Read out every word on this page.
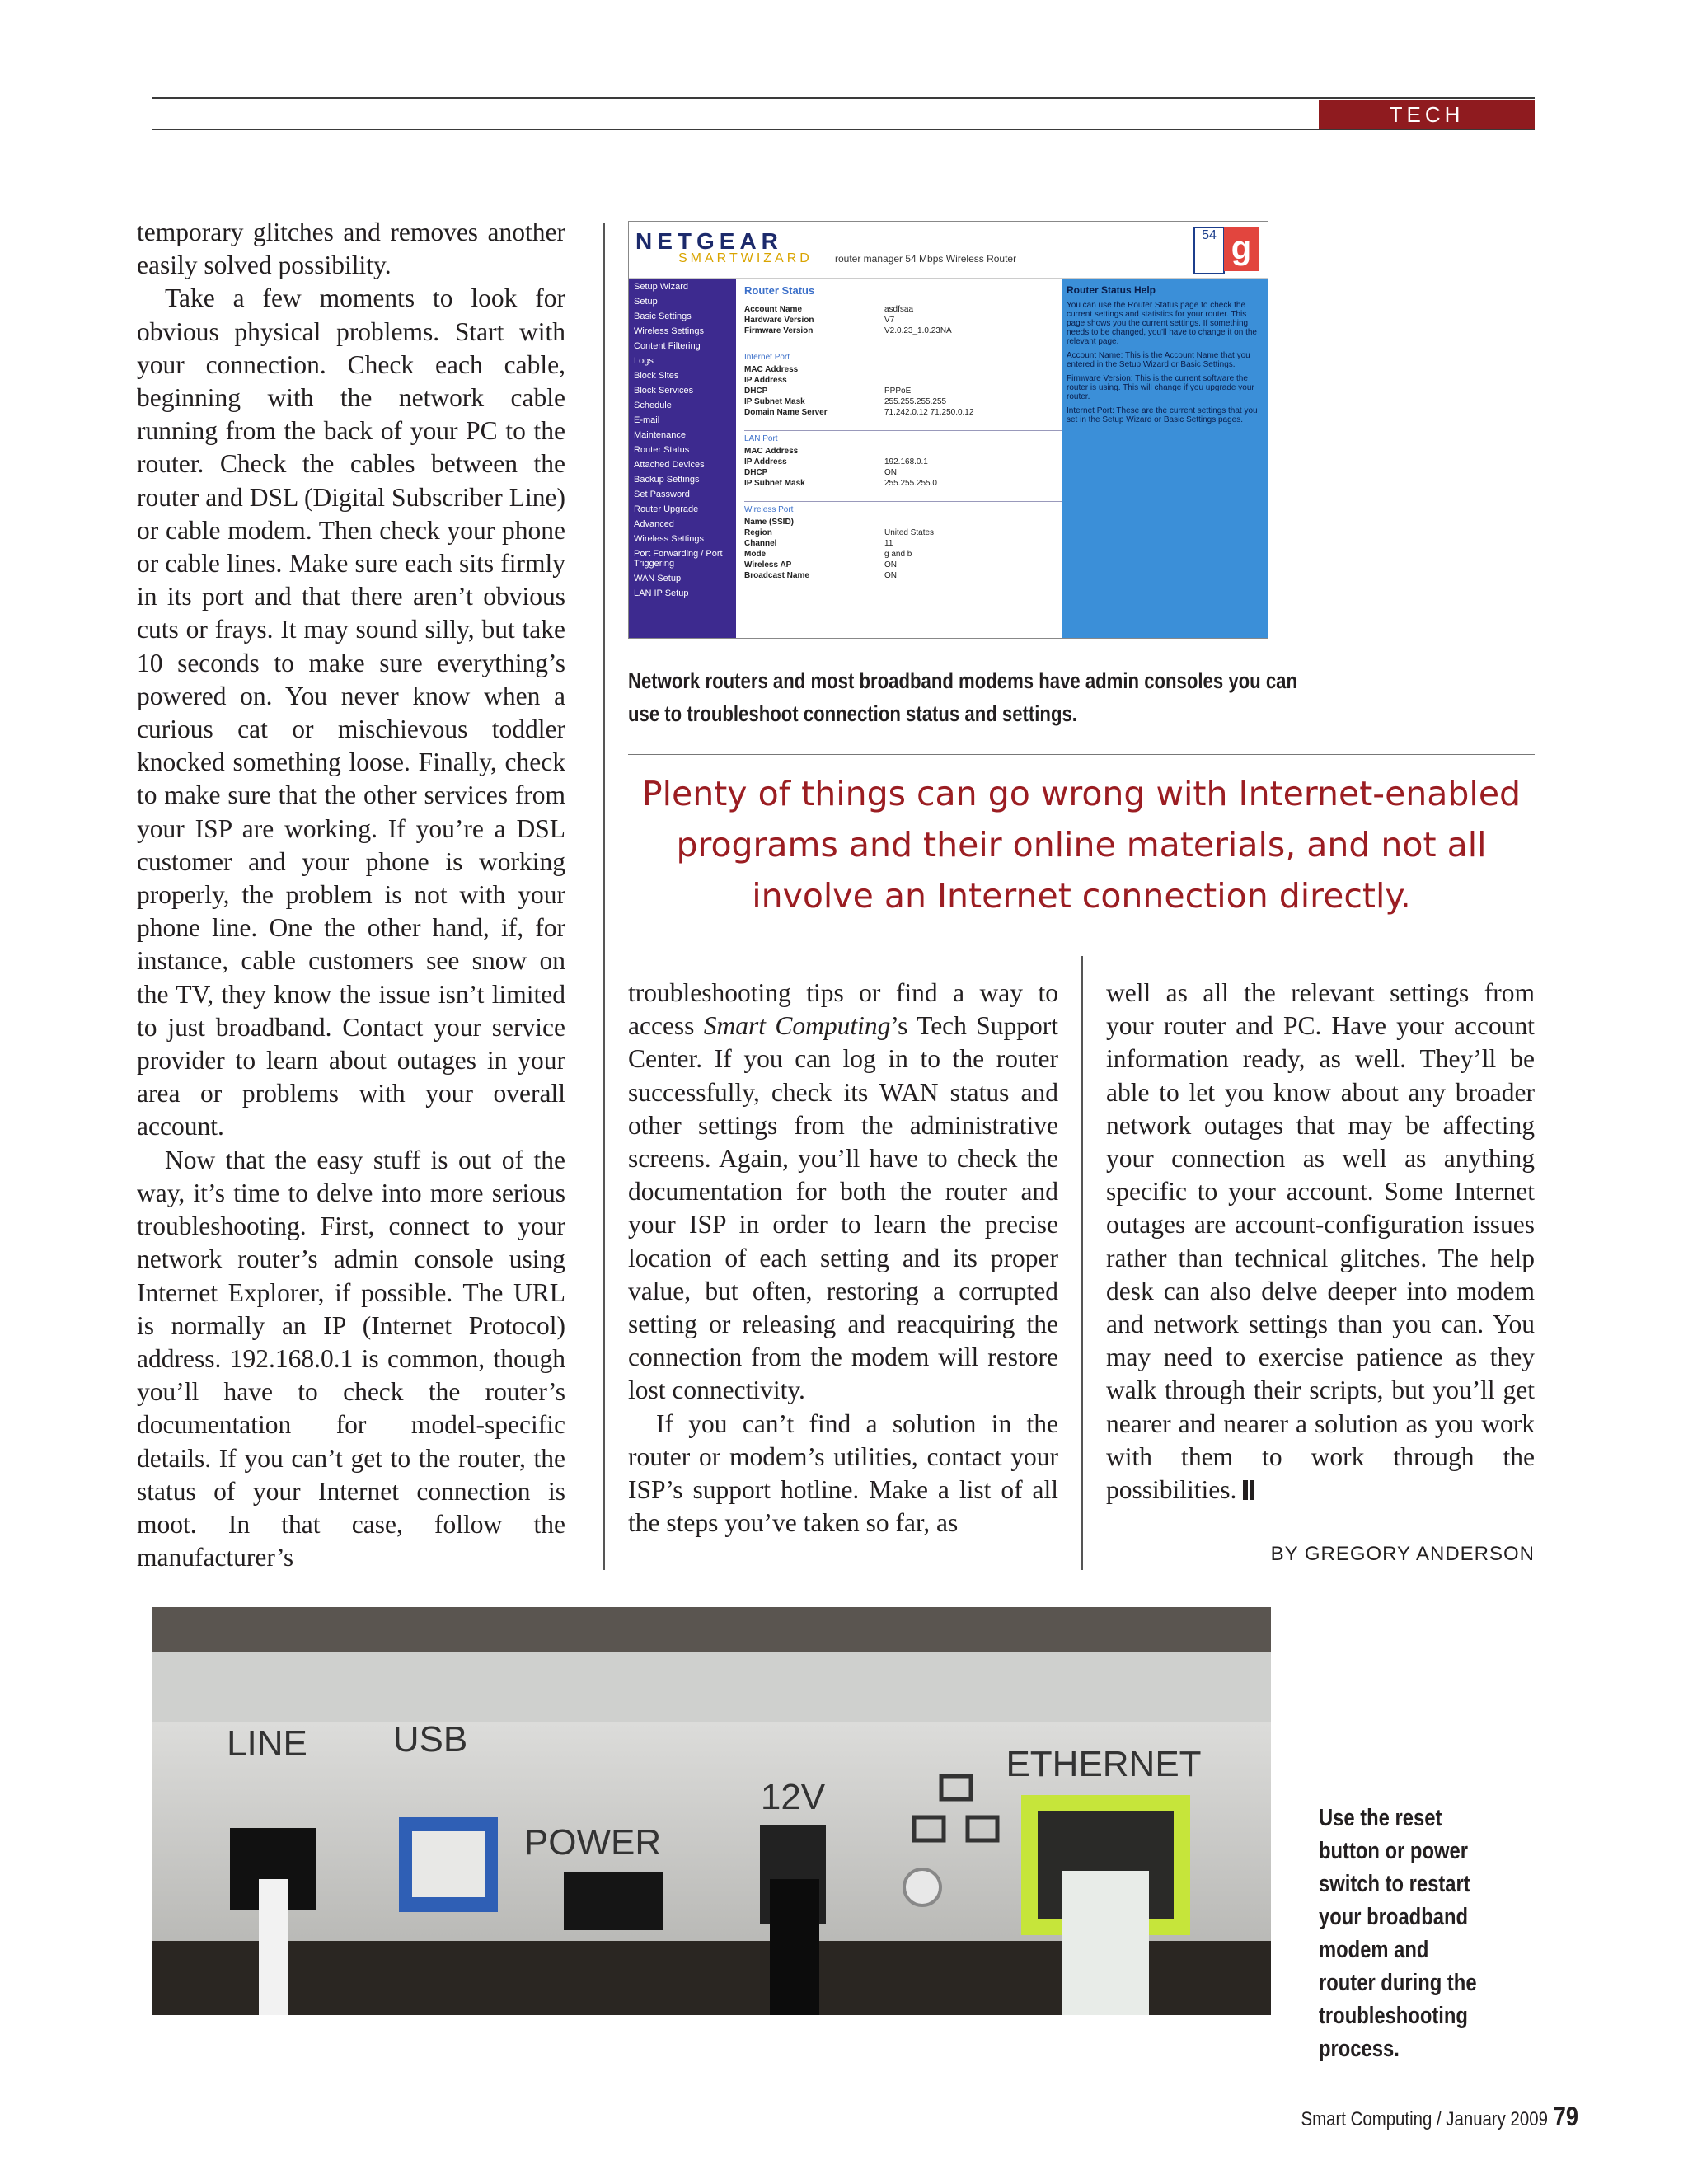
TECH SUPPORT

temporary glitches and removes another easily solved possibility.

Take a few moments to look for obvious physical problems. Start with your connection. Check each cable, beginning with the network cable running from the back of your PC to the router. Check the cables between the router and DSL (Digital Subscriber Line) or cable modem. Then check your phone or cable lines. Make sure each sits firmly in its port and that there aren’t obvious cuts or frays. It may sound silly, but take 10 seconds to make sure everything’s powered on. You never know when a curious cat or mischievous toddler knocked something loose. Finally, check to make sure that the other services from your ISP are working. If you’re a DSL customer and your phone is working properly, the problem is not with your phone line. One the other hand, if, for instance, cable customers see snow on the TV, they know the issue isn’t limited to just broadband. Contact your service provider to learn about outages in your area or problems with your overall account.

Now that the easy stuff is out of the way, it’s time to delve into more serious troubleshooting. First, connect to your network router’s admin console using Internet Explorer, if possible. The URL is normally an IP (Internet Protocol) address. 192.168.0.1 is common, though you’ll have to check the router’s documentation for model-specific details. If you can’t get to the router, the status of your Internet connection is moot. In that case, follow the manufacturer’s

NETGEAR
SMARTWIZARD router manager 54 Mbps Wireless Router
54 g
Setup Wizard
Setup
Basic Settings
Wireless Settings
Content Filtering
Logs
Block Sites
Block Services
Schedule
E-mail
Maintenance
Router Status
Attached Devices
Backup Settings
Set Password
Router Upgrade
Advanced
Wireless Settings
Port Forwarding / Port Triggering
WAN Setup
LAN IP Setup
Router Status
Account Name	asdfsaa
Hardware Version	V7
Firmware Version	V2.0.23_1.0.23NA
Internet Port
MAC Address
IP Address
DHCP	PPPoE
IP Subnet Mask	255.255.255.255
Domain Name Server	71.242.0.12 71.250.0.12
LAN Port
MAC Address
IP Address	192.168.0.1
DHCP	ON
IP Subnet Mask	255.255.255.0
Wireless Port
Name (SSID)
Region	United States
Channel	11
Mode	g and b
Wireless AP	ON
Broadcast Name	ON
Router Status Help
You can use the Router Status page to check the current settings and statistics for your router. This page shows you the current settings. If something needs to be changed, you'll have to change it on the relevant page.
Account Name: This is the Account Name that you entered in the Setup Wizard or Basic Settings.
Firmware Version: This is the current software the router is using. This will change if you upgrade your router.
Internet Port: These are the current settings that you set in the Setup Wizard or Basic Settings pages.
Network routers and most broadband modems have admin consoles you can use to troubleshoot connection status and settings.
Plenty of things can go wrong with Internet-enabled programs and their online materials, and not all involve an Internet connection directly.

troubleshooting tips or find a way to access Smart Computing’s Tech Support Center. If you can log in to the router successfully, check its WAN status and other settings from the administrative screens. Again, you’ll have to check the documentation for both the router and your ISP in order to learn the precise location of each setting and its proper value, but often, restoring a corrupted setting or releasing and reacquiring the connection from the modem will restore lost connectivity.

If you can’t find a solution in the router or modem’s utilities, contact your ISP’s support hotline. Make a list of all the steps you’ve taken so far, as

well as all the relevant settings from your router and PC. Have your account information ready, as well. They’ll be able to let you know about any broader network outages that may be affecting your connection as well as anything specific to your account. Some Internet outages are account-configuration issues rather than technical glitches. The help desk can also delve deeper into modem and network settings than you can. You may need to exercise patience as they walk through their scripts, but you’ll get nearer and nearer a solution as you work with them to work through the possibilities.

BY GREGORY ANDERSON
LINE USB
POWER
12V
ETHERNET
Use the reset button or power switch to restart your broadband modem and router during the troubleshooting process.
Smart Computing / January 2009 79
